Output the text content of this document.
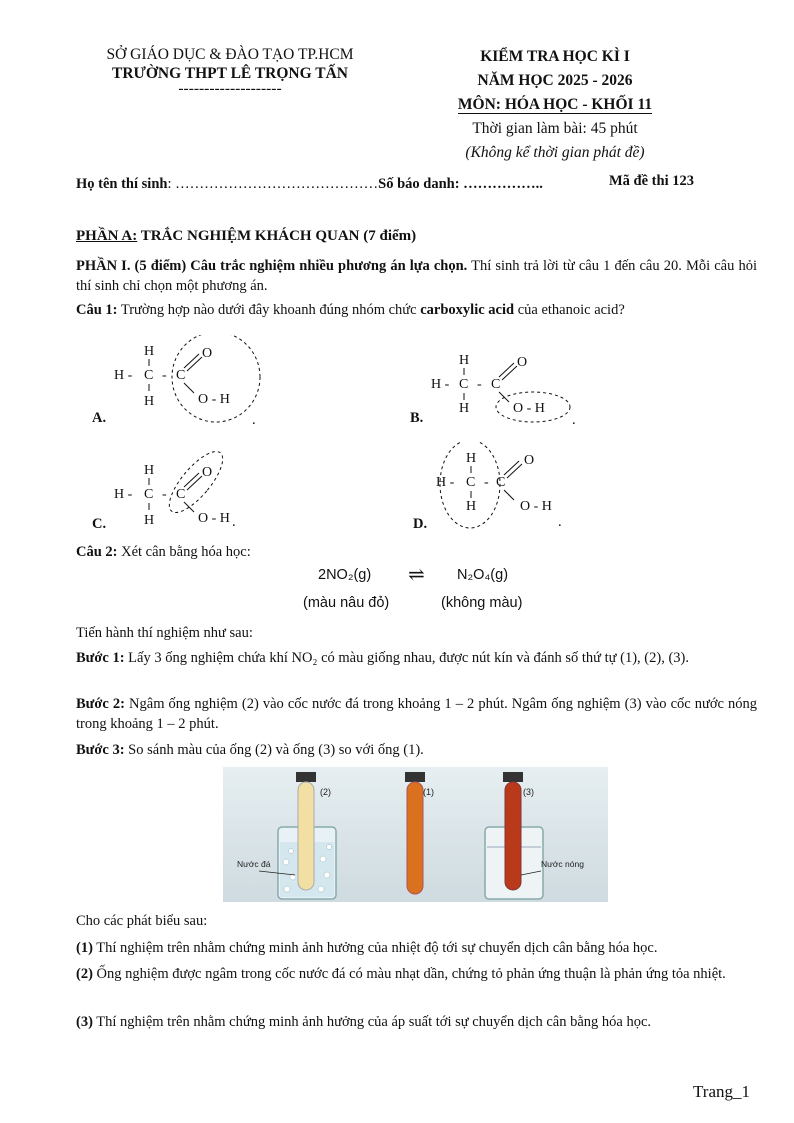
SỞ GIÁO DỤC & ĐÀO TẠO TP.HCM
TRƯỜNG THPT LÊ TRỌNG TẤN
--------------------
KIỂM TRA HỌC KÌ I
NĂM HỌC 2025 - 2026
MÔN: HÓA HỌC - KHỐI 11
Thời gian làm bài: 45 phút
(Không kể thời gian phát đề)
Họ tên thí sinh: ……………………………………Số báo danh: ……………..	Mã đề thi 123
PHẦN A: TRẮC NGHIỆM KHÁCH QUAN (7 điểm)

PHẦN I. (5 điểm) Câu trắc nghiệm nhiều phương án lựa chọn. Thí sinh trả lời từ câu 1 đến câu 20. Mỗi câu hỏi thí sinh chỉ chọn một phương án.

Câu 1: Trường hợp nào dưới đây khoanh đúng nhóm chức carboxylic acid của ethanoic acid?

A.
H
H - C - C
H
O
O - H
.	B.
H
H - C - C
H
O
O - H
.
C.
H
H - C - C
H
O
O - H .	D.
H
H - C - C
H
O
O - H
.

Câu 2: Xét cân bằng hóa học:

2NO₂(g) ⇌ N₂O₄(g)
(màu nâu đỏ)	(không màu)

Tiến hành thí nghiệm như sau:

Bước 1: Lấy 3 ống nghiệm chứa khí NO₂ có màu giống nhau, được nút kín và đánh số thứ tự (1), (2), (3).

Bước 2: Ngâm ống nghiệm (2) vào cốc nước đá trong khoảng 1 – 2 phút. Ngâm ống nghiệm (3) vào cốc nước nóng trong khoảng 1 – 2 phút.

Bước 3: So sánh màu của ống (2) và ống (3) so với ống (1).

(2)	(1)	(3)
Nước đá	Nước nóng

Cho các phát biểu sau:

(1) Thí nghiệm trên nhằm chứng minh ảnh hưởng của nhiệt độ tới sự chuyển dịch cân bằng hóa học.

(2) Ống nghiệm được ngâm trong cốc nước đá có màu nhạt dần, chứng tỏ phản ứng thuận là phản ứng tỏa nhiệt.

(3) Thí nghiệm trên nhằm chứng minh ảnh hưởng của áp suất tới sự chuyển dịch cân bằng hóa học.

Trang_1
